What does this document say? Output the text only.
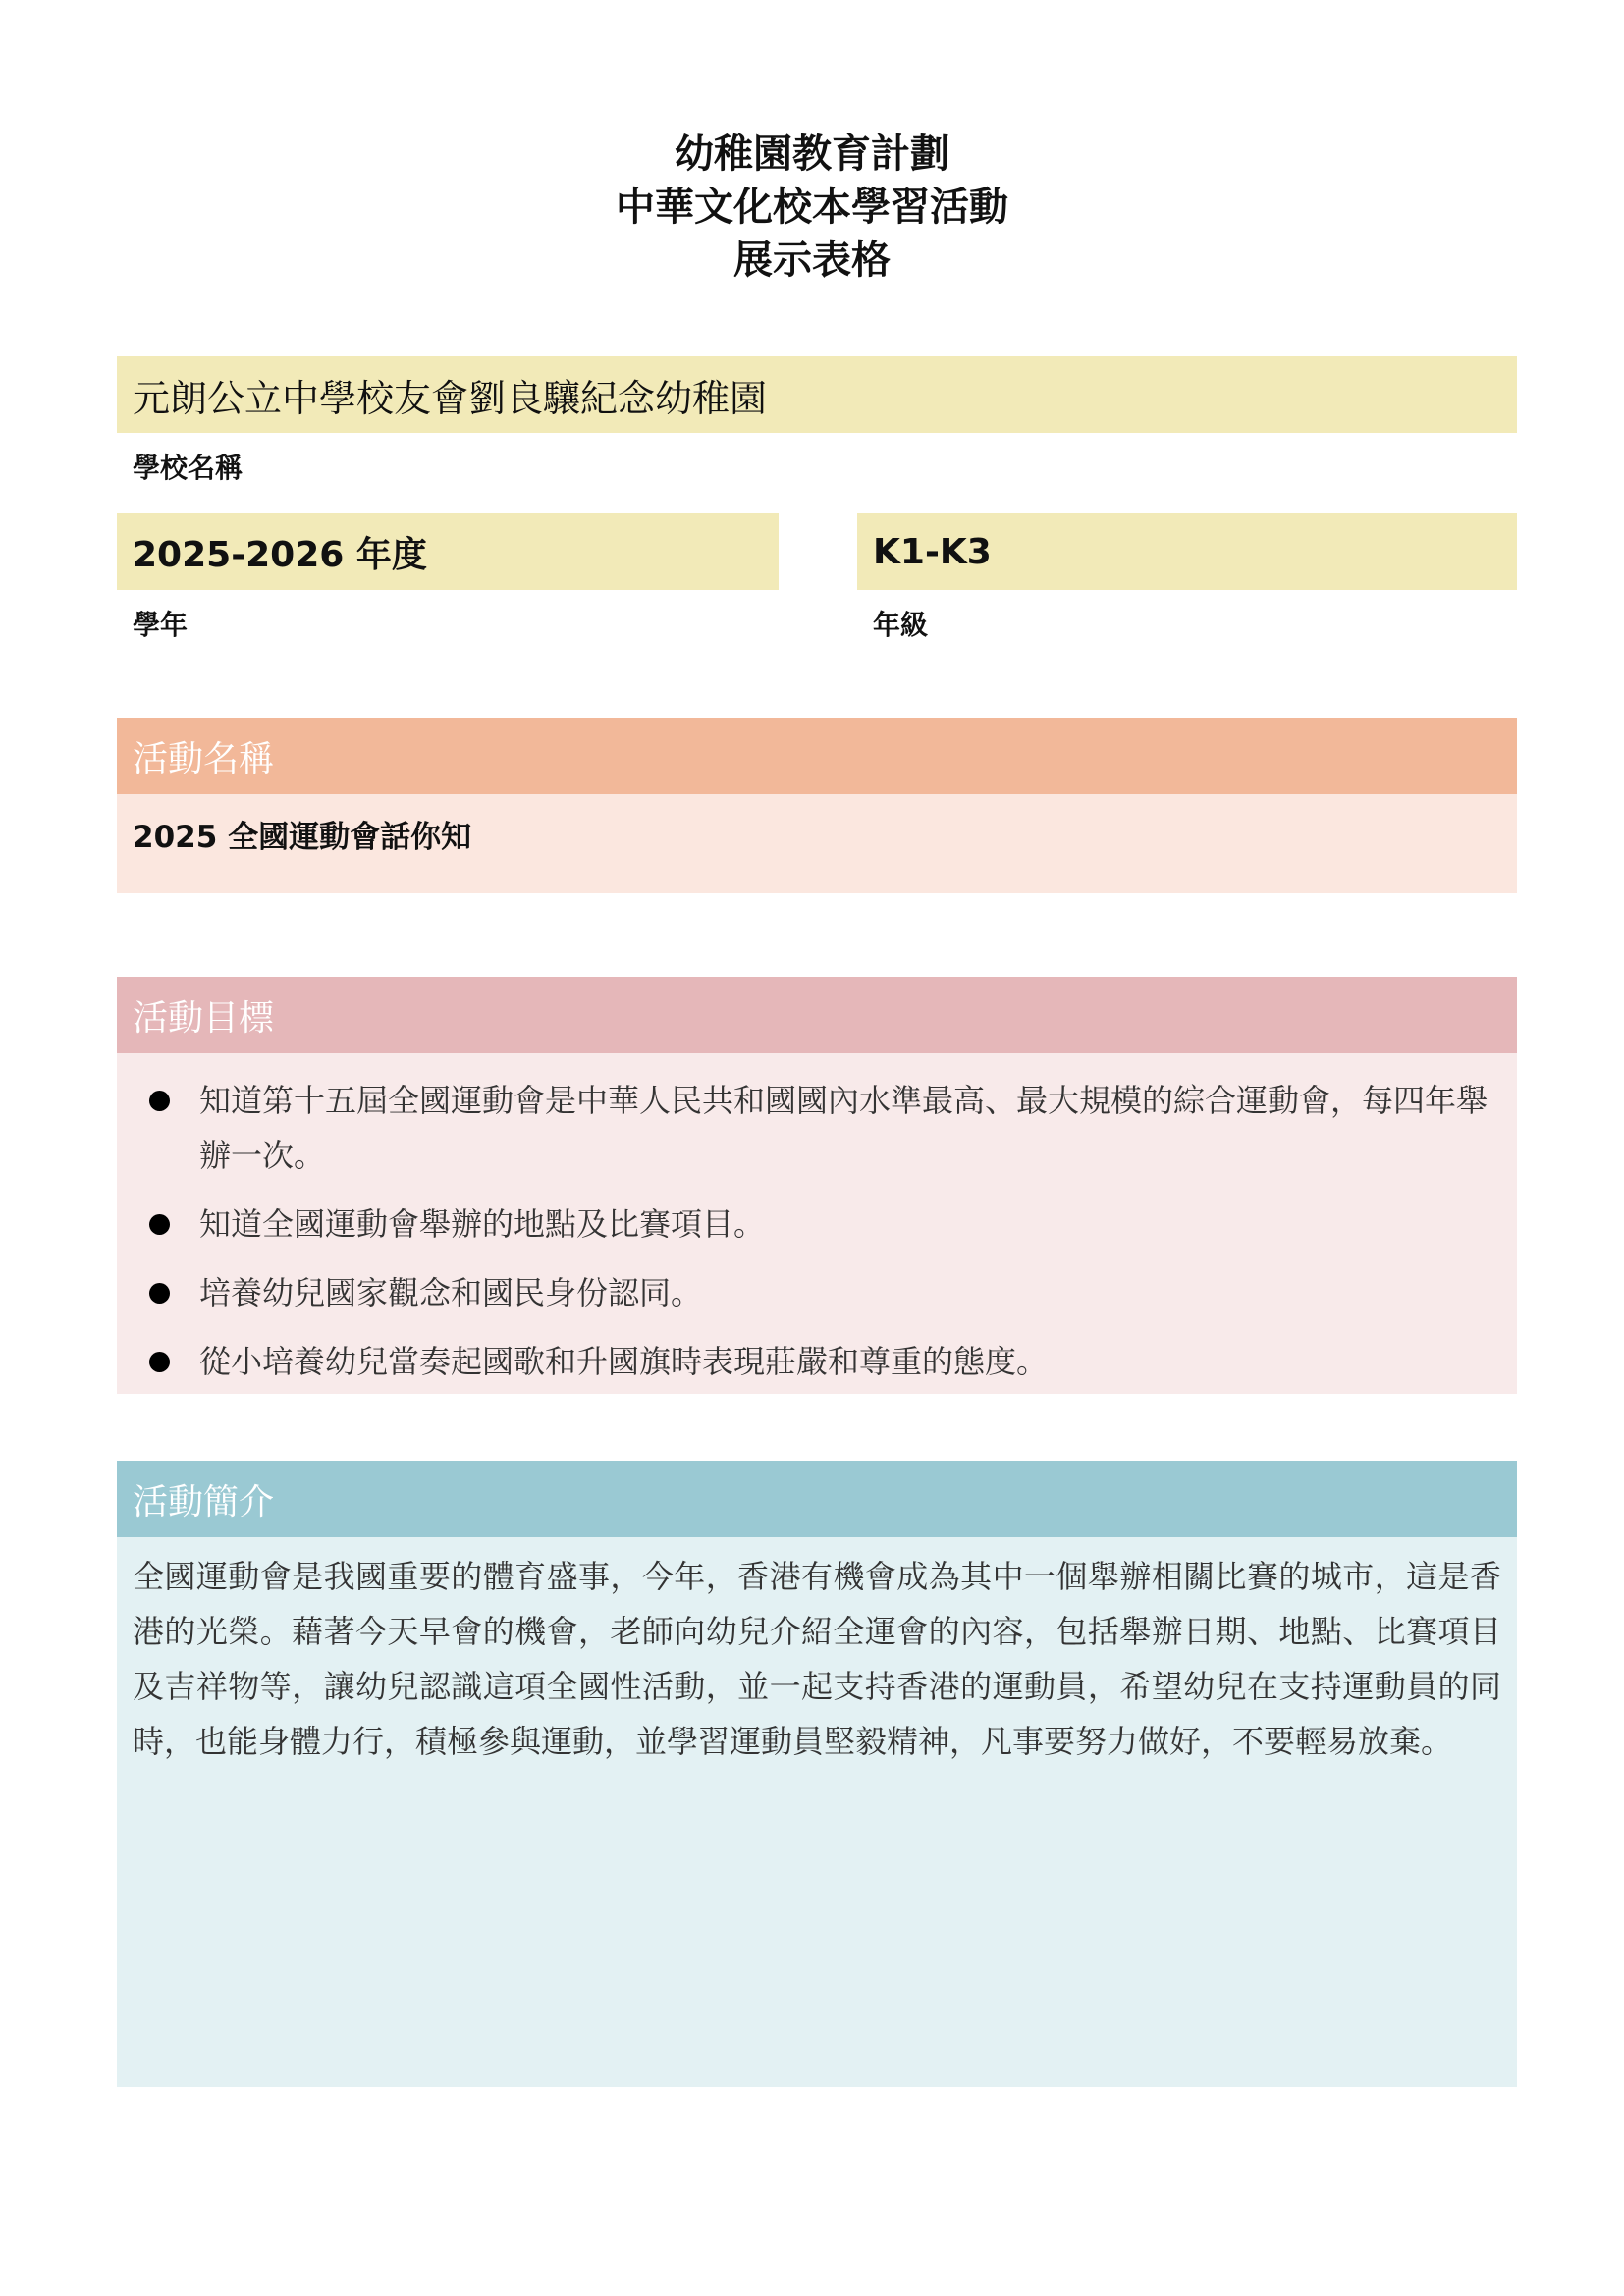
幼稚園教育計劃
中華文化校本學習活動
展示表格
元朗公立中學校友會劉良驤紀念幼稚園
學校名稱
2025-2026 年度
學年
K1-K3
年級
活動名稱
2025 全國運動會話你知
活動目標
知道第十五屆全國運動會是中華人民共和國國內水準最高、最大規模的綜合運動會，每四年舉辦一次。
知道全國運動會舉辦的地點及比賽項目。
培養幼兒國家觀念和國民身份認同。
從小培養幼兒當奏起國歌和升國旗時表現莊嚴和尊重的態度。
活動簡介
全國運動會是我國重要的體育盛事，今年，香港有機會成為其中一個舉辦相關比賽的城市，這是香港的光榮。藉著今天早會的機會，老師向幼兒介紹全運會的內容，包括舉辦日期、地點、比賽項目及吉祥物等，讓幼兒認識這項全國性活動，並一起支持香港的運動員，希望幼兒在支持運動員的同時，也能身體力行，積極參與運動，並學習運動員堅毅精神，凡事要努力做好，不要輕易放棄。
